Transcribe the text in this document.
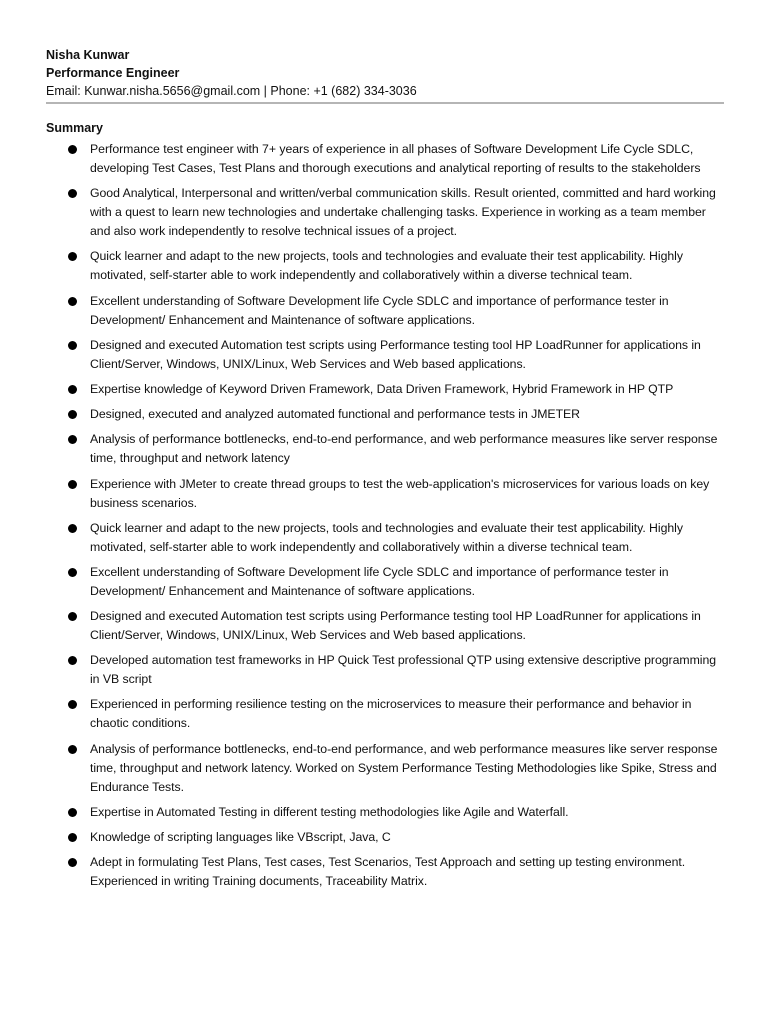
Nisha Kunwar
Performance Engineer
Email: Kunwar.nisha.5656@gmail.com | Phone: +1 (682) 334-3036
Summary
Performance test engineer with 7+ years of experience in all phases of Software Development Life Cycle SDLC, developing Test Cases, Test Plans and thorough executions and analytical reporting of results to the stakeholders
Good Analytical, Interpersonal and written/verbal communication skills. Result oriented, committed and hard working with a quest to learn new technologies and undertake challenging tasks. Experience in working as a team member and also work independently to resolve technical issues of a project.
Quick learner and adapt to the new projects, tools and technologies and evaluate their test applicability. Highly motivated, self-starter able to work independently and collaboratively within a diverse technical team.
Excellent understanding of Software Development life Cycle SDLC and importance of performance tester in Development/ Enhancement and Maintenance of software applications.
Designed and executed Automation test scripts using Performance testing tool HP LoadRunner for applications in Client/Server, Windows, UNIX/Linux, Web Services and Web based applications.
Expertise knowledge of Keyword Driven Framework, Data Driven Framework, Hybrid Framework in HP QTP
Designed, executed and analyzed automated functional and performance tests in JMETER
Analysis of performance bottlenecks, end-to-end performance, and web performance measures like server response time, throughput and network latency
Experience with JMeter to create thread groups to test the web-application's microservices for various loads on key business scenarios.
Quick learner and adapt to the new projects, tools and technologies and evaluate their test applicability. Highly motivated, self-starter able to work independently and collaboratively within a diverse technical team.
Excellent understanding of Software Development life Cycle SDLC and importance of performance tester in Development/ Enhancement and Maintenance of software applications.
Designed and executed Automation test scripts using Performance testing tool HP LoadRunner for applications in Client/Server, Windows, UNIX/Linux, Web Services and Web based applications.
Developed automation test frameworks in HP Quick Test professional QTP using extensive descriptive programming in VB script
Experienced in performing resilience testing on the microservices to measure their performance and behavior in chaotic conditions.
Analysis of performance bottlenecks, end-to-end performance, and web performance measures like server response time, throughput and network latency. Worked on System Performance Testing Methodologies like Spike, Stress and Endurance Tests.
Expertise in Automated Testing in different testing methodologies like Agile and Waterfall.
Knowledge of scripting languages like VBscript, Java, C
Adept in formulating Test Plans, Test cases, Test Scenarios, Test Approach and setting up testing environment. Experienced in writing Training documents, Traceability Matrix.
